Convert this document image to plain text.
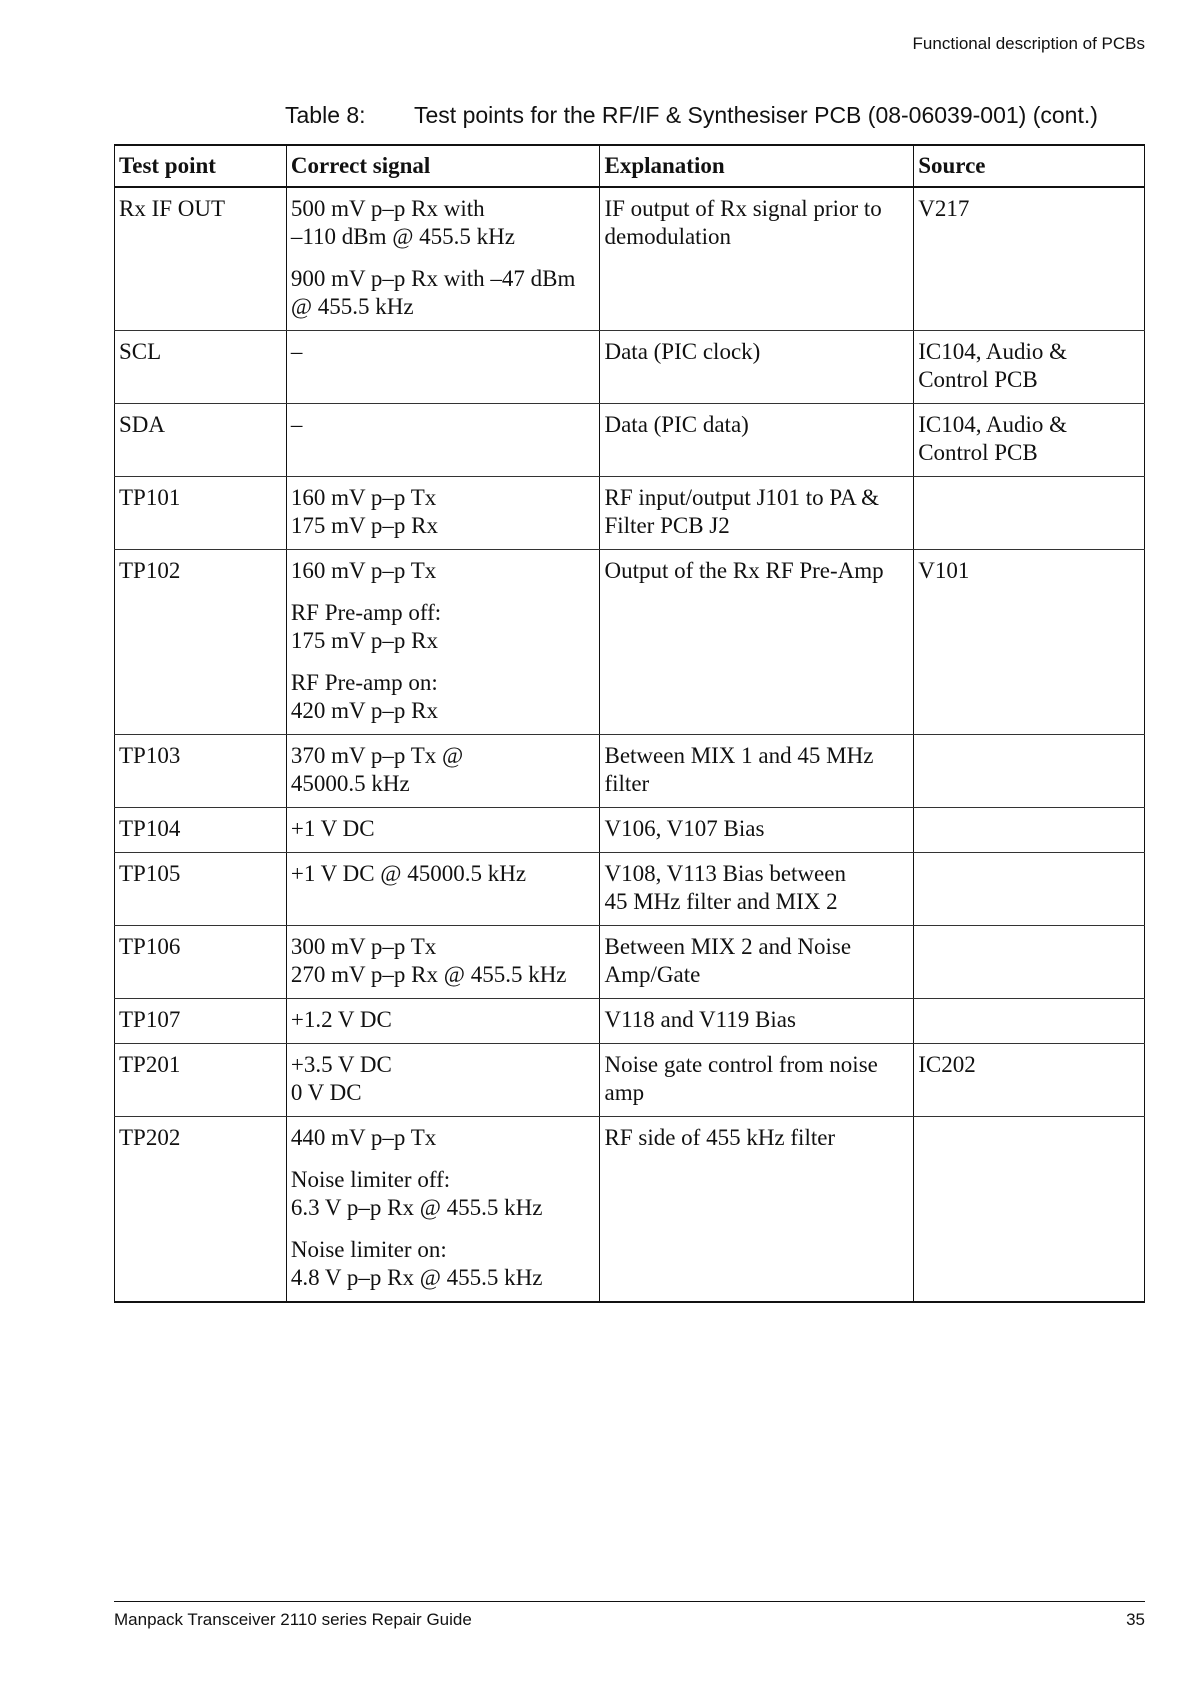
Functional description of PCBs
Table 8: Test points for the RF/IF & Synthesiser PCB (08-06039-001) (cont.)
Test point	Correct signal	Explanation	Source
Rx IF OUT	500 mV p–p Rx with
–110 dBm @ 455.5 kHz
900 mV p–p Rx with –47 dBm
@ 455.5 kHz	IF output of Rx signal prior to
demodulation	V217

SCL	–	Data (PIC clock)	IC104, Audio &
Control PCB

SDA	–	Data (PIC data)	IC104, Audio &
Control PCB

TP101	160 mV p–p Tx
175 mV p–p Rx	RF input/output J101 to PA &
Filter PCB J2	

TP102	160 mV p–p Tx
RF Pre-amp off:
175 mV p–p Rx
RF Pre-amp on:
420 mV p–p Rx	Output of the Rx RF Pre-Amp	V101

TP103	370 mV p–p Tx @
45000.5 kHz	Between MIX 1 and 45 MHz
filter	

TP104	+1 V DC	V106, V107 Bias	

TP105	+1 V DC @ 45000.5 kHz	V108, V113 Bias between
45 MHz filter and MIX 2	

TP106	300 mV p–p Tx
270 mV p–p Rx @ 455.5 kHz	Between MIX 2 and Noise
Amp/Gate	

TP107	+1.2 V DC	V118 and V119 Bias	

TP201	+3.5 V DC
0 V DC	Noise gate control from noise
amp	IC202

TP202	440 mV p–p Tx
Noise limiter off:
6.3 V p–p Rx @ 455.5 kHz
Noise limiter on:
4.8 V p–p Rx @ 455.5 kHz	RF side of 455 kHz filter	

Manpack Transceiver 2110 series Repair Guide	35
